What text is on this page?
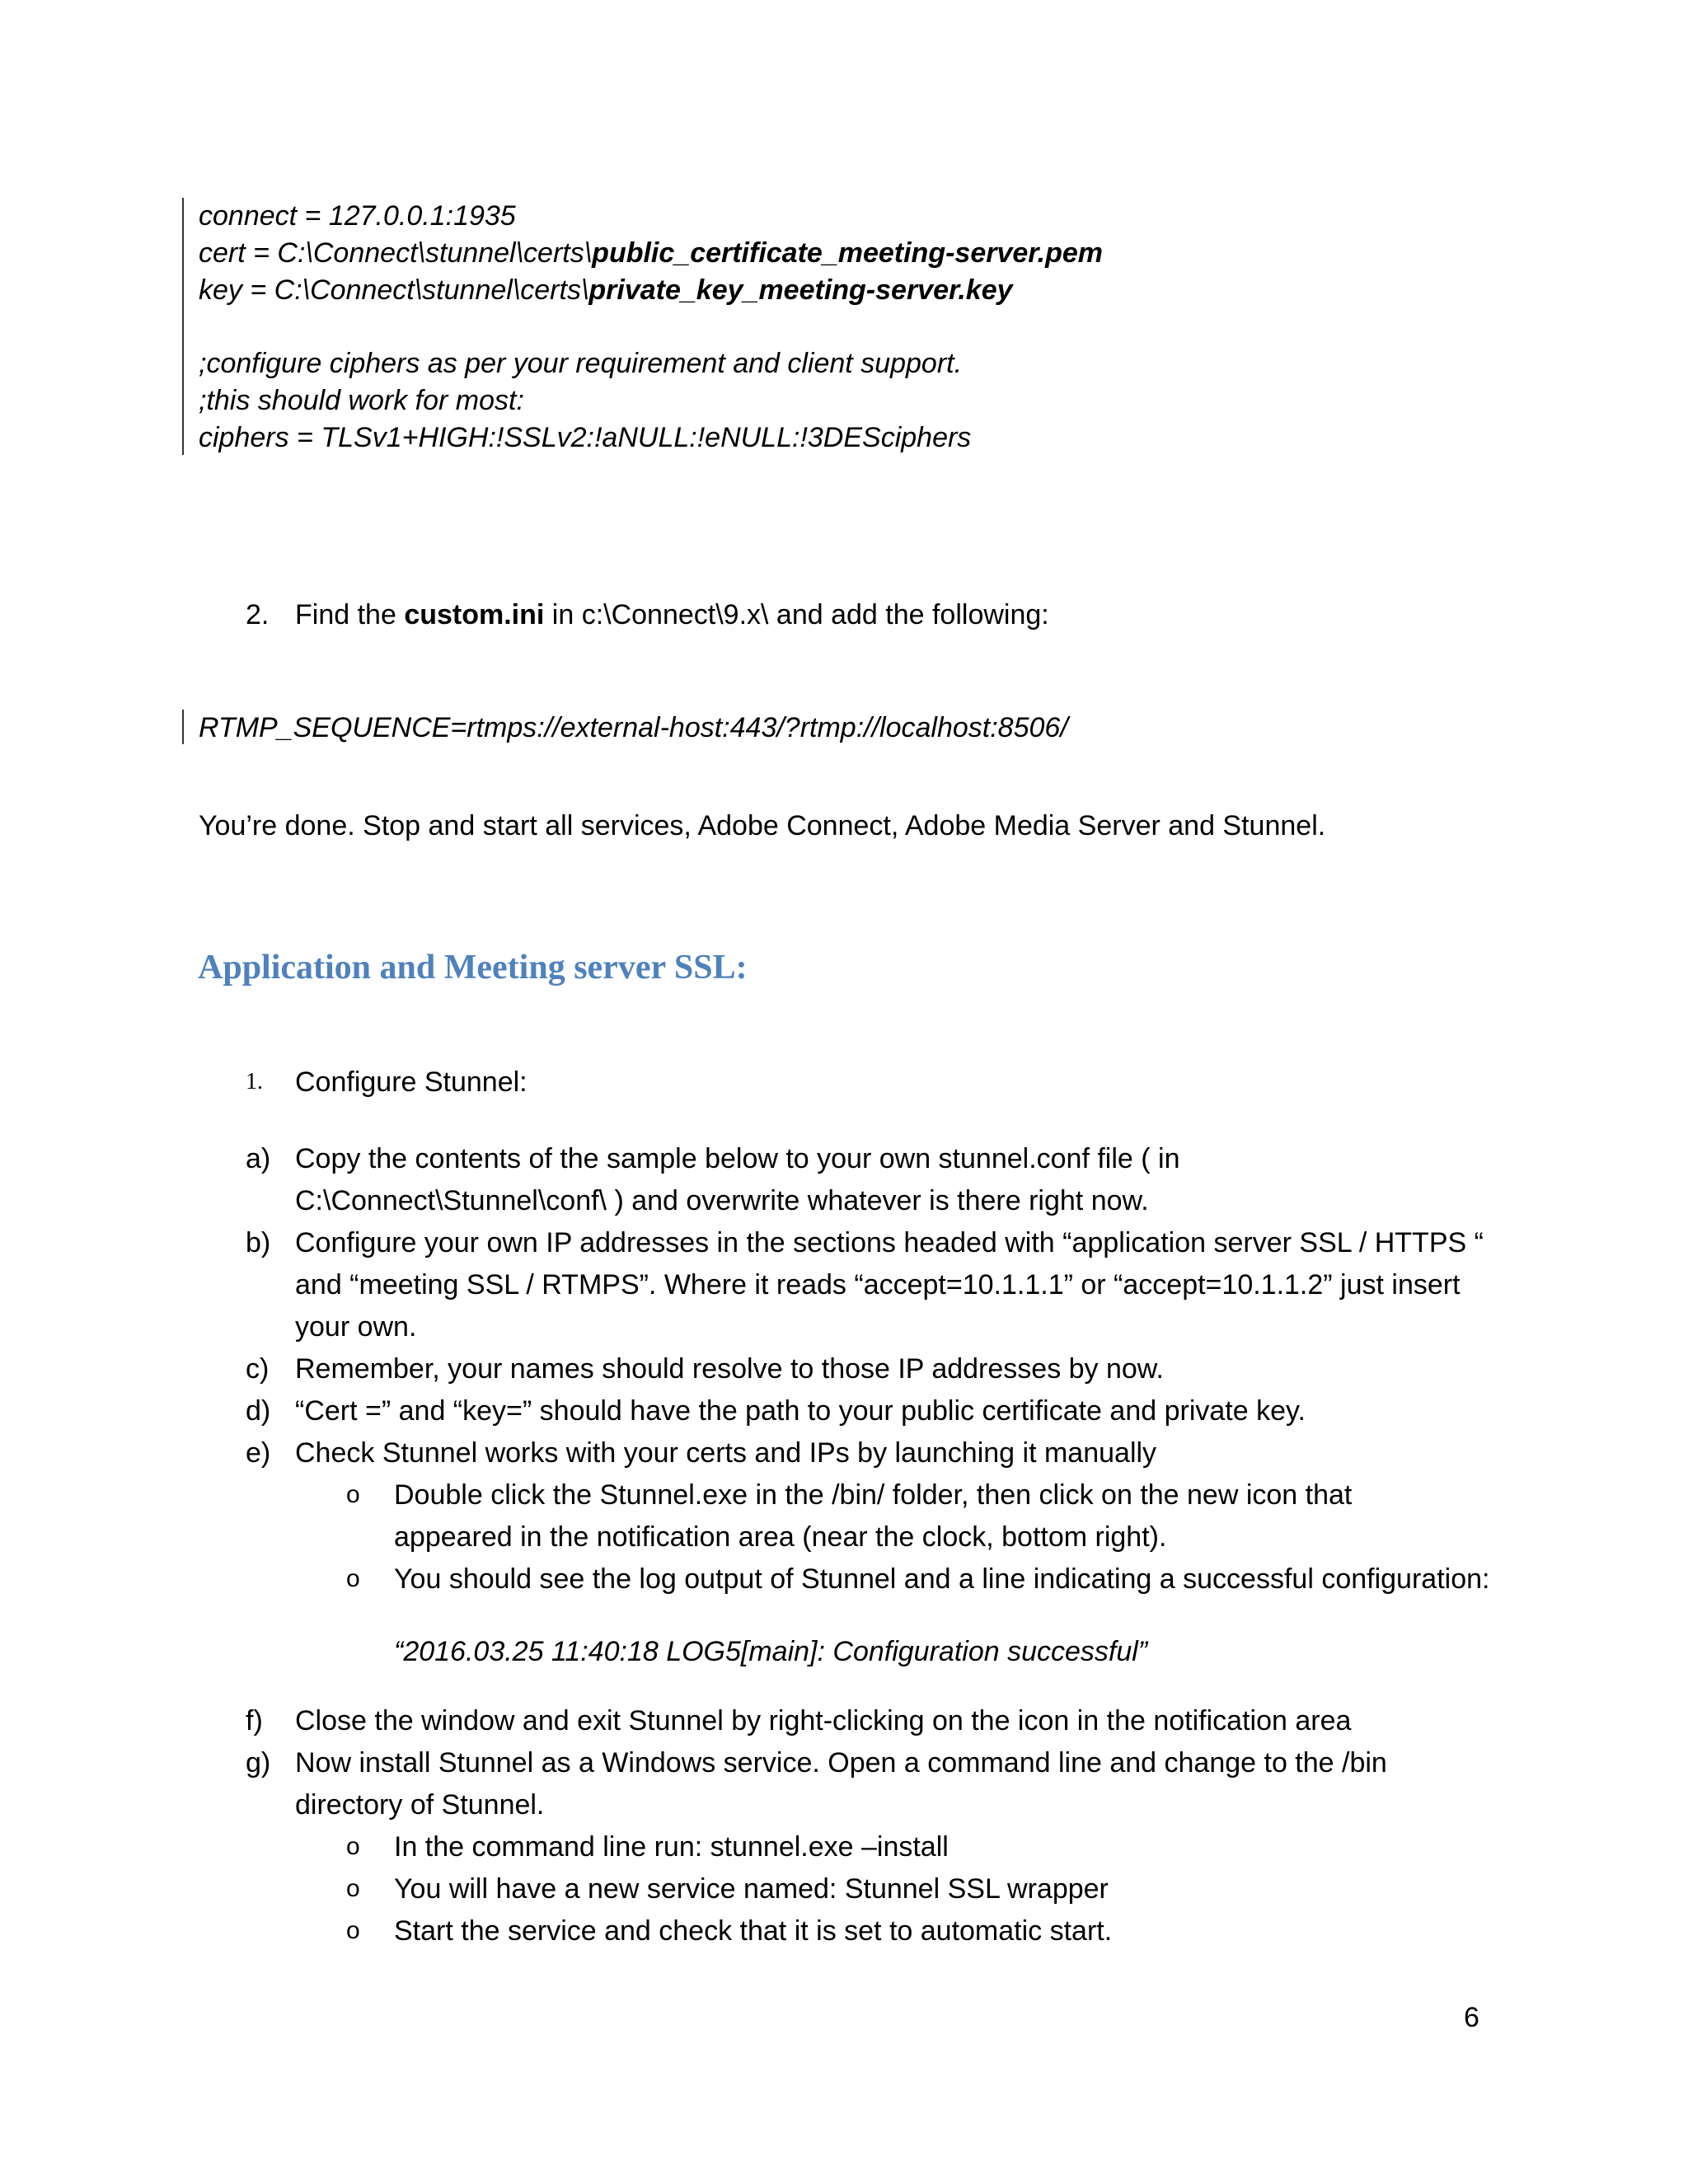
connect = 127.0.0.1:1935
cert = C:\Connect\stunnel\certs\public_certificate_meeting-server.pem
key = C:\Connect\stunnel\certs\private_key_meeting-server.key
;configure ciphers as per your requirement and client support.
;this should work for most:
ciphers = TLSv1+HIGH:!SSLv2:!aNULL:!eNULL:!3DESciphers
2. Find the custom.ini in c:\Connect\9.x\ and add the following:
RTMP_SEQUENCE=rtmps://external-host:443/?rtmp://localhost:8506/
You’re done. Stop and start all services, Adobe Connect, Adobe Media Server and Stunnel.
Application and Meeting server SSL:
1. Configure Stunnel:
a) Copy the contents of the sample below to your own stunnel.conf file ( in
C:\Connect\Stunnel\conf\ ) and overwrite whatever is there right now.
b) Configure your own IP addresses in the sections headed with “application server SSL / HTTPS “
and “meeting SSL / RTMPS”. Where it reads “accept=10.1.1.1” or “accept=10.1.1.2” just insert
your own.
c) Remember, your names should resolve to those IP addresses by now.
d) “Cert =” and “key=” should have the path to your public certificate and private key.
e) Check Stunnel works with your certs and IPs by launching it manually
o Double click the Stunnel.exe in the /bin/ folder, then click on the new icon that
appeared in the notification area (near the clock, bottom right).
o You should see the log output of Stunnel and a line indicating a successful configuration:
“2016.03.25 11:40:18 LOG5[main]: Configuration successful”
f) Close the window and exit Stunnel by right-clicking on the icon in the notification area
g) Now install Stunnel as a Windows service. Open a command line and change to the /bin
directory of Stunnel.
o In the command line run: stunnel.exe –install
o You will have a new service named: Stunnel SSL wrapper
o Start the service and check that it is set to automatic start.
6
